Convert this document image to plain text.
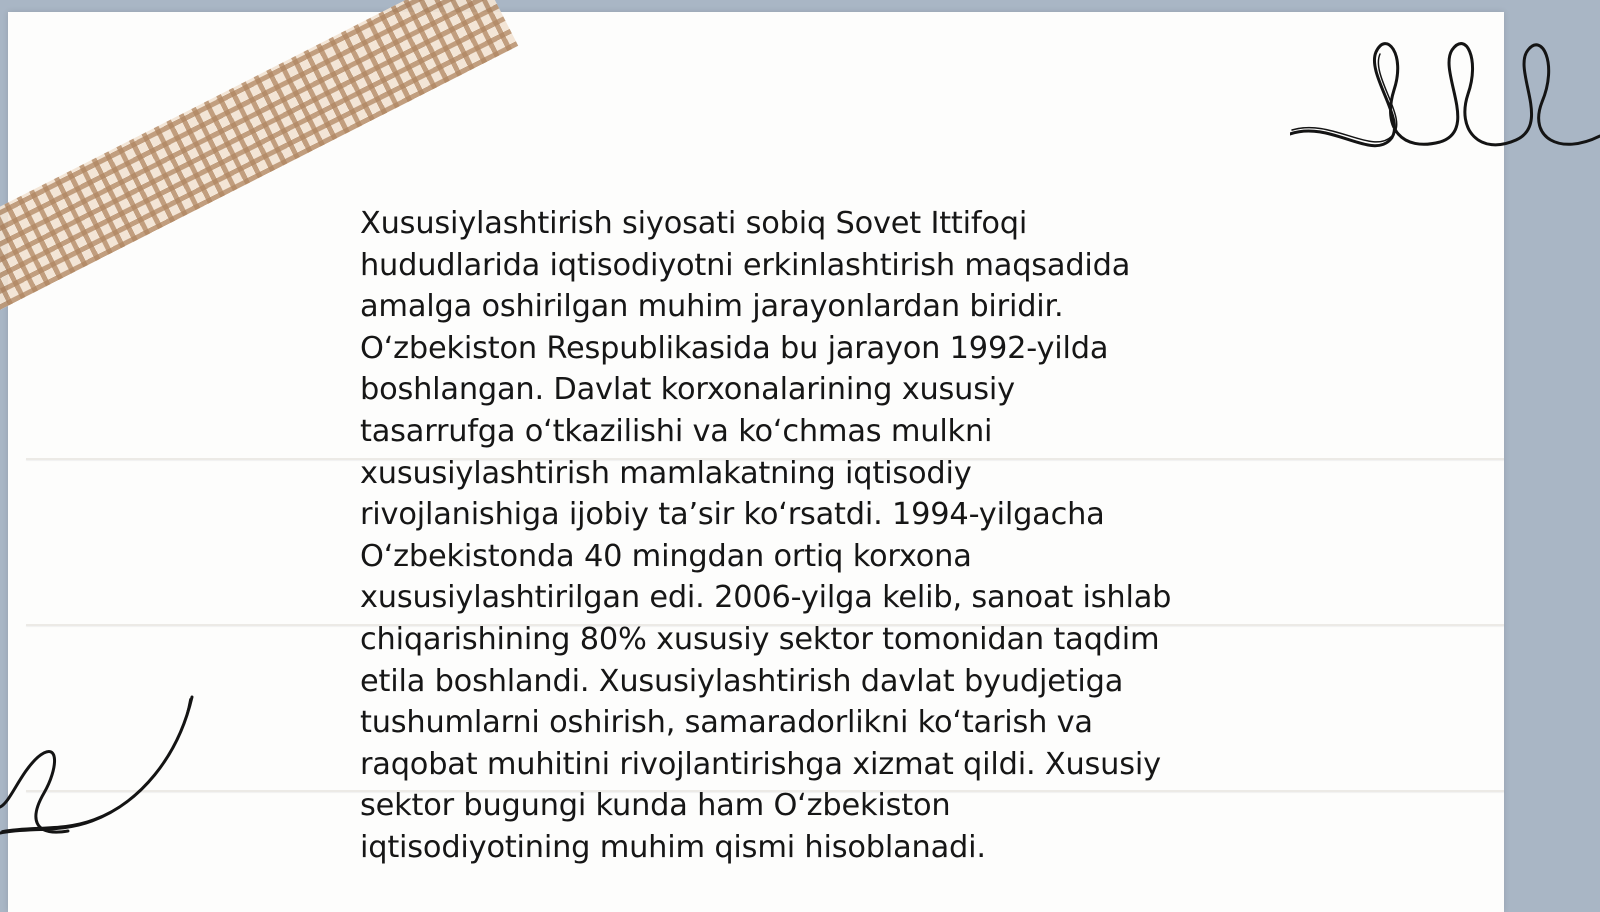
Xususiylashtirish siyosati sobiq Sovet Ittifoqi
hududlarida iqtisodiyotni erkinlashtirish maqsadida
amalga oshirilgan muhim jarayonlardan biridir.
O‘zbekiston Respublikasida bu jarayon 1992-yilda
boshlangan. Davlat korxonalarining xususiy
tasarrufga o‘tkazilishi va ko‘chmas mulkni
xususiylashtirish mamlakatning iqtisodiy
rivojlanishiga ijobiy ta’sir ko‘rsatdi. 1994-yilgacha
O‘zbekistonda 40 mingdan ortiq korxona
xususiylashtirilgan edi. 2006-yilga kelib, sanoat ishlab
chiqarishining 80% xususiy sektor tomonidan taqdim
etila boshlandi. Xususiylashtirish davlat byudjetiga
tushumlarni oshirish, samaradorlikni ko‘tarish va
raqobat muhitini rivojlantirishga xizmat qildi. Xususiy
sektor bugungi kunda ham O‘zbekiston
iqtisodiyotining muhim qismi hisoblanadi.
